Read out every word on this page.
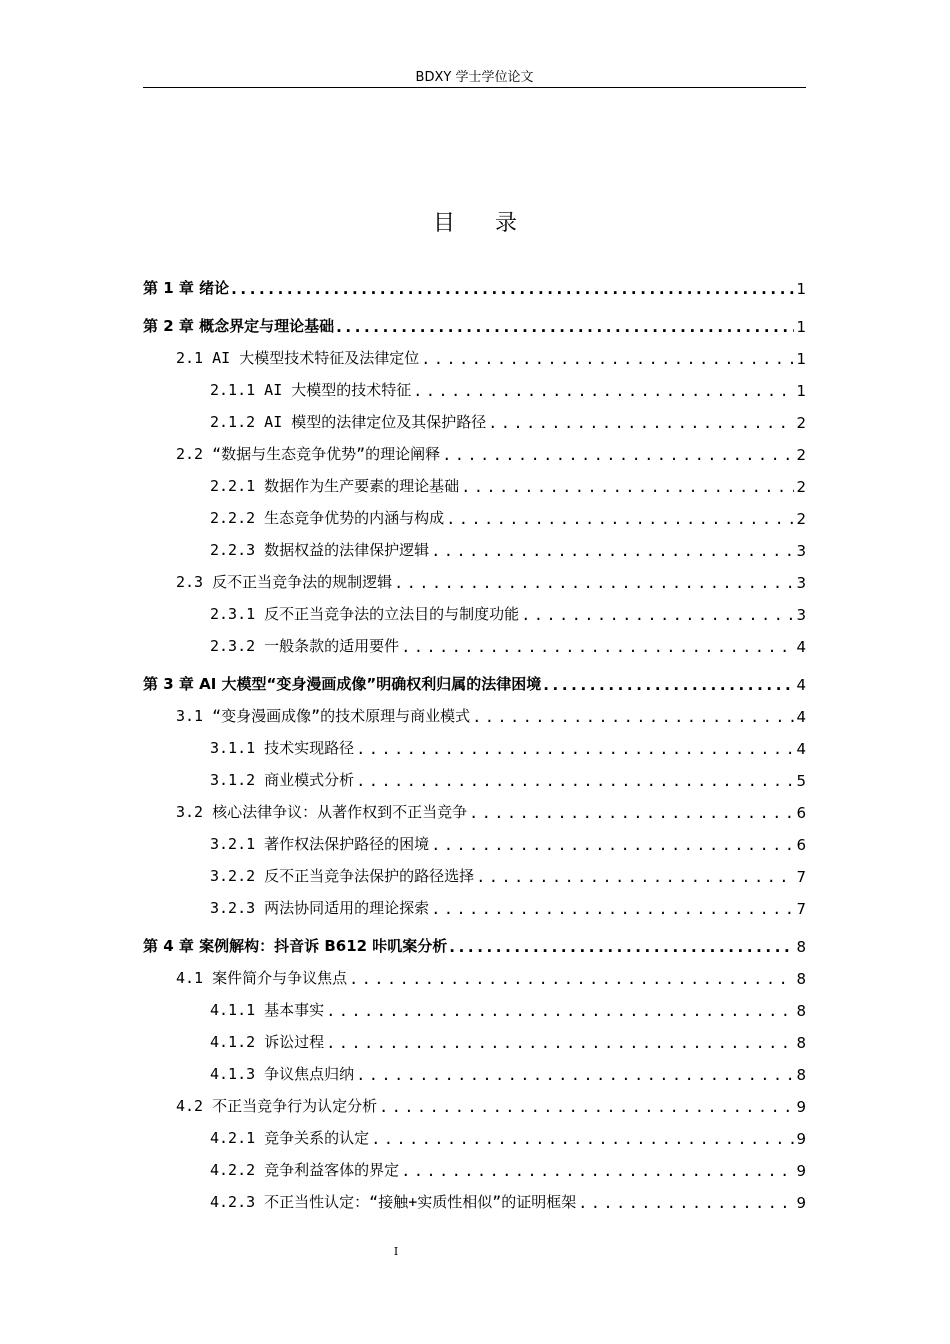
BDXY 学士学位论文
目录
第 1 章 绪论 .....	1
第 2 章 概念界定与理论基础 .....	1
2.1 AI 大模型技术特征及法律定位 .....	1
2.1.1 AI 大模型的技术特征 .....	1
2.1.2 AI 模型的法律定位及其保护路径 .....	2
2.2 “数据与生态竞争优势”的理论阐释 .....	2
2.2.1 数据作为生产要素的理论基础 .....	2
2.2.2 生态竞争优势的内涵与构成 .....	2
2.2.3 数据权益的法律保护逻辑 .....	3
2.3 反不正当竞争法的规制逻辑 .....	3
2.3.1 反不正当竞争法的立法目的与制度功能 .....	3
2.3.2 一般条款的适用要件 .....	4
第 3 章 AI 大模型“变身漫画成像”明确权利归属的法律困境 .....	4
3.1 “变身漫画成像”的技术原理与商业模式 .....	4
3.1.1 技术实现路径 .....	4
3.1.2 商业模式分析 .....	5
3.2 核心法律争议：从著作权到不正当竞争 .....	6
3.2.1 著作权法保护路径的困境 .....	6
3.2.2 反不正当竞争法保护的路径选择 .....	7
3.2.3 两法协同适用的理论探索 .....	7
第 4 章 案例解构：抖音诉 B612 咔叽案分析 .....	8
4.1 案件简介与争议焦点 .....	8
4.1.1 基本事实 .....	8
4.1.2 诉讼过程 .....	8
4.1.3 争议焦点归纳 .....	8
4.2 不正当竞争行为认定分析 .....	9
4.2.1 竞争关系的认定 .....	9
4.2.2 竞争利益客体的界定 .....	9
4.2.3 不正当性认定：“接触+实质性相似”的证明框架 .....	9
I
